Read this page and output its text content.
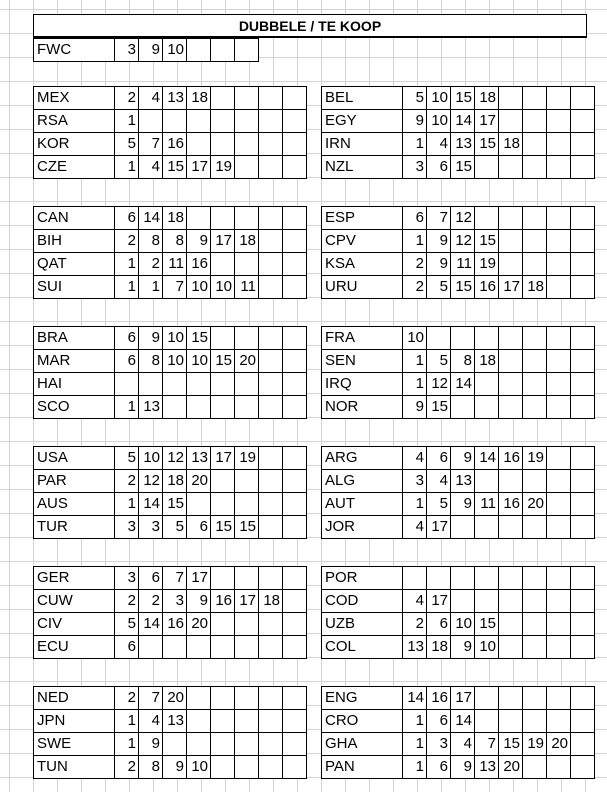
DUBBELE / TE KOOP
FWC	3	9	10			
MEX	2	4	13	18				
RSA	1							
KOR	5	7	16					
CZE	1	4	15	17	19			
BEL	5	10	15	18				
EGY	9	10	14	17				
IRN	1	4	13	15	18			
NZL	3	6	15					
CAN	6	14	18					
BIH	2	8	8	9	17	18		
QAT	1	2	11	16				
SUI	1	1	7	10	10	11		
ESP	6	7	12					
CPV	1	9	12	15				
KSA	2	9	11	19				
URU	2	5	15	16	17	18		
BRA	6	9	10	15				
MAR	6	8	10	10	15	20		
HAI								
SCO	1	13						
FRA	10							
SEN	1	5	8	18				
IRQ	1	12	14					
NOR	9	15						
USA	5	10	12	13	17	19		
PAR	2	12	18	20				
AUS	1	14	15					
TUR	3	3	5	6	15	15		
ARG	4	6	9	14	16	19		
ALG	3	4	13					
AUT	1	5	9	11	16	20		
JOR	4	17						
GER	3	6	7	17				
CUW	2	2	3	9	16	17	18	
CIV	5	14	16	20				
ECU	6							
POR								
COD	4	17						
UZB	2	6	10	15				
COL	13	18	9	10				
NED	2	7	20					
JPN	1	4	13					
SWE	1	9						
TUN	2	8	9	10				
ENG	14	16	17					
CRO	1	6	14					
GHA	1	3	4	7	15	19	20	
PAN	1	6	9	13	20			
